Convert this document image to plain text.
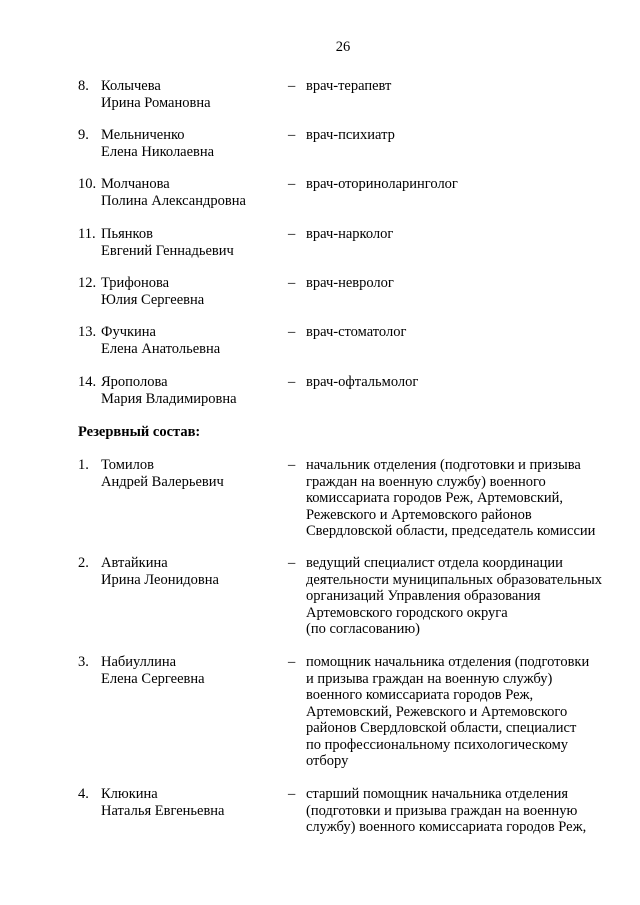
26
8. Колычева
Ирина Романовна
– врач-терапевт
9. Мельниченко
Елена Николаевна
– врач-психиатр
10. Молчанова
Полина Александровна
– врач-оториноларинголог
11. Пьянков
Евгений Геннадьевич
– врач-нарколог
12. Трифонова
Юлия Сергеевна
– врач-невролог
13. Фучкина
Елена Анатольевна
– врач-стоматолог
14. Ярополова
Мария Владимировна
– врач-офтальмолог
Резервный состав:
1. Томилов
Андрей Валерьевич
– начальник отделения (подготовки и призыва
граждан на военную службу) военного
комиссариата городов Реж, Артемовский,
Режевского и Артемовского районов
Свердловской области, председатель комиссии
2. Автайкина
Ирина Леонидовна
– ведущий специалист отдела координации
деятельности муниципальных образовательных
организаций Управления образования
Артемовского городского округа
(по согласованию)
3. Набиуллина
Елена Сергеевна
– помощник начальника отделения (подготовки
и призыва граждан на военную службу)
военного комиссариата городов Реж,
Артемовский, Режевского и Артемовского
районов Свердловской области, специалист
по профессиональному психологическому
отбору
4. Клюкина
Наталья Евгеньевна
– старший помощник начальника отделения
(подготовки и призыва граждан на военную
службу) военного комиссариата городов Реж,
